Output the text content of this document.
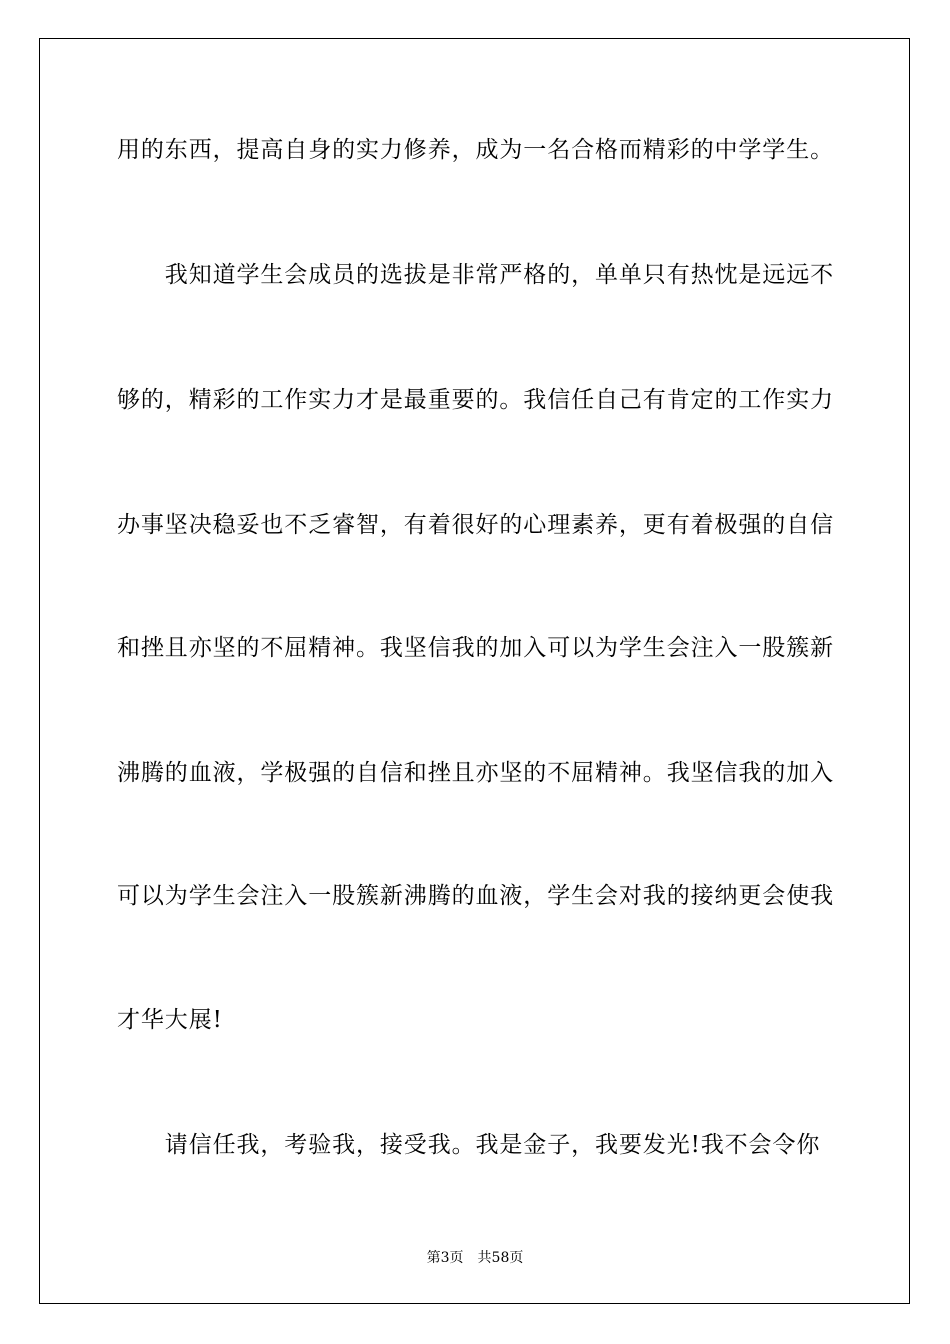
用的东西，提高自身的实力修养，成为一名合格而精彩的中学学生。
　　我知道学生会成员的选拔是非常严格的，单单只有热忱是远远不
够的，精彩的工作实力才是最重要的。我信任自己有肯定的工作实力
办事坚决稳妥也不乏睿智，有着很好的心理素养，更有着极强的自信
和挫且亦坚的不屈精神。我坚信我的加入可以为学生会注入一股簇新
沸腾的血液，学极强的自信和挫且亦坚的不屈精神。我坚信我的加入
可以为学生会注入一股簇新沸腾的血液，学生会对我的接纳更会使我
才华大展!
　　请信任我，考验我，接受我。我是金子，我要发光!我不会令你
第3页 共58页
